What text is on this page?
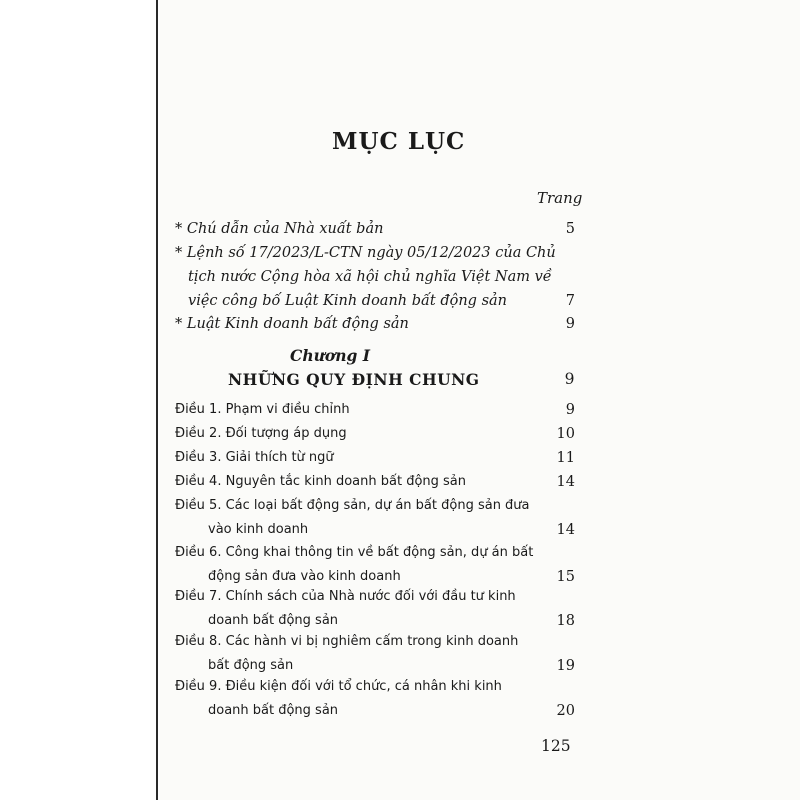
MỤC LỤC
Trang
* Chú dẫn của Nhà xuất bản	5
* Lệnh số 17/2023/L-CTN ngày 05/12/2023 của Chủ
tịch nước Cộng hòa xã hội chủ nghĩa Việt Nam về
việc công bố Luật Kinh doanh bất động sản	7
* Luật Kinh doanh bất động sản	9
Chương I
NHỮNG QUY ĐỊNH CHUNG	9
Điều 1. Phạm vi điều chỉnh	9
Điều 2. Đối tượng áp dụng	10
Điều 3. Giải thích từ ngữ	11
Điều 4. Nguyên tắc kinh doanh bất động sản	14
Điều 5. Các loại bất động sản, dự án bất động sản đưa
vào kinh doanh	14
Điều 6. Công khai thông tin về bất động sản, dự án bất
động sản đưa vào kinh doanh	15
Điều 7. Chính sách của Nhà nước đối với đầu tư kinh
doanh bất động sản	18
Điều 8. Các hành vi bị nghiêm cấm trong kinh doanh
bất động sản	19
Điều 9. Điều kiện đối với tổ chức, cá nhân khi kinh
doanh bất động sản	20
125
